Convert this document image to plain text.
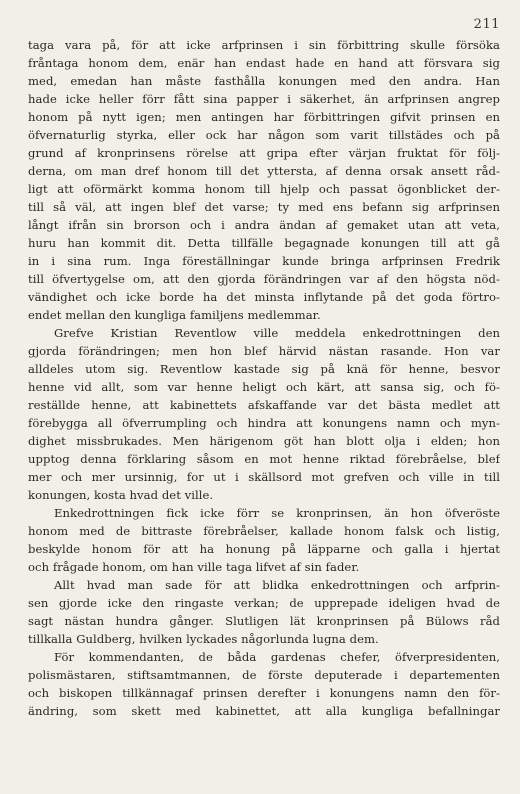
211
taga vara på, för att icke arfprinsen i sin förbittring skulle försöka
fråntaga honom dem, enär han endast hade en hand att försvara sig
med, emedan han måste fasthålla konungen med den andra. Han
hade icke heller förr fått sina papper i säkerhet, än arfprinsen angrep
honom på nytt igen; men antingen har förbittringen gifvit prinsen en
öfvernaturlig styrka, eller ock har någon som varit tillstädes och på
grund af kronprinsens rörelse att gripa efter värjan fruktat för följ-
derna, om man dref honom till det yttersta, af denna orsak ansett råd-
ligt att oförmärkt komma honom till hjelp och passat ögonblicket der-
till så väl, att ingen blef det varse; ty med ens befann sig arfprinsen
långt ifrån sin brorson och i andra ändan af gemaket utan att veta,
huru han kommit dit. Detta tillfälle begagnade konungen till att gå
in i sina rum. Inga föreställningar kunde bringa arfprinsen Fredrik
till öfvertygelse om, att den gjorda förändringen var af den högsta nöd-
vändighet och icke borde ha det minsta inflytande på det goda förtro-
endet mellan den kungliga familjens medlemmar.
Grefve Kristian Reventlow ville meddela enkedrottningen den
gjorda förändringen; men hon blef härvid nästan rasande. Hon var
alldeles utom sig. Reventlow kastade sig på knä för henne, besvor
henne vid allt, som var henne heligt och kärt, att sansa sig, och fö-
reställde henne, att kabinettets afskaffande var det bästa medlet att
förebygga all öfverrumpling och hindra att konungens namn och myn-
dighet missbrukades. Men härigenom göt han blott olja i elden; hon
upptog denna förklaring såsom en mot henne riktad förebråelse, blef
mer och mer ursinnig, for ut i skällsord mot grefven och ville in till
konungen, kosta hvad det ville.
Enkedrottningen fick icke förr se kronprinsen, än hon öfveröste
honom med de bittraste förebråelser, kallade honom falsk och listig,
beskylde honom för att ha honung på läpparne och galla i hjertat
och frågade honom, om han ville taga lifvet af sin fader.
Allt hvad man sade för att blidka enkedrottningen och arfprin-
sen gjorde icke den ringaste verkan; de upprepade ideligen hvad de
sagt nästan hundra gånger. Slutligen lät kronprinsen på Bülows råd
tillkalla Guldberg, hvilken lyckades någorlunda lugna dem.
För kommendanten, de båda gardenas chefer, öfverpresidenten,
polismästaren, stiftsamtmannen, de förste deputerade i departementen
och biskopen tillkännagaf prinsen derefter i konungens namn den för-
ändring, som skett med kabinettet, att alla kungliga befallningar
